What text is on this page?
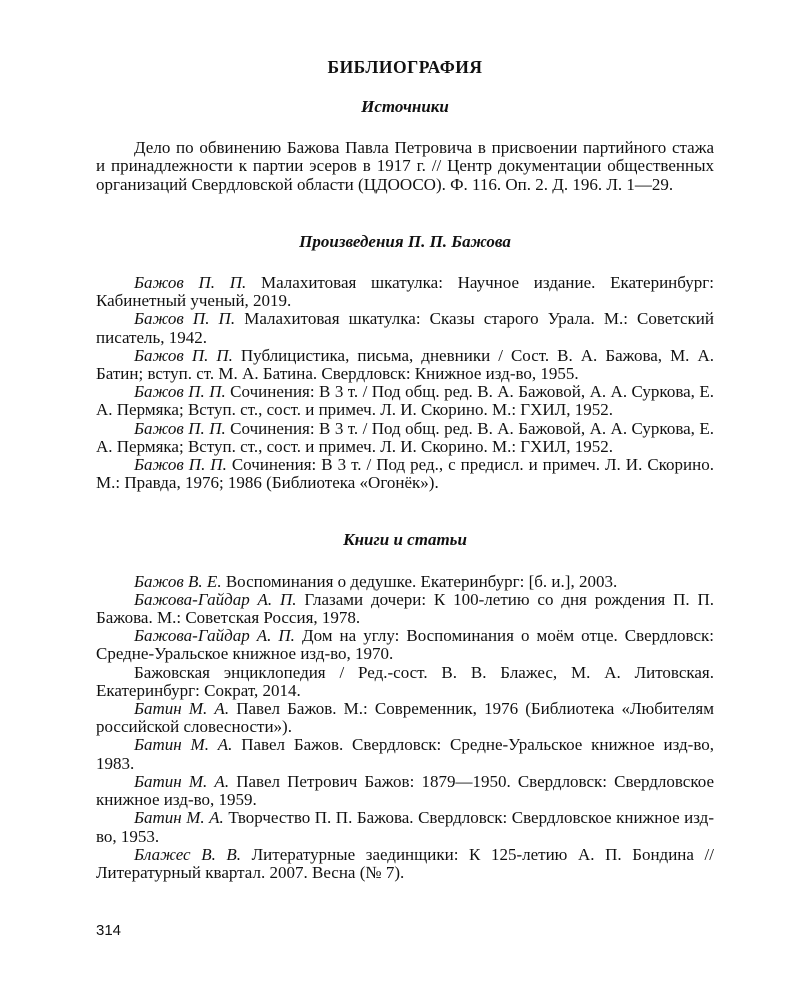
БИБЛИОГРАФИЯ
Источники

Дело по обвинению Бажова Павла Петровича в присвоении партийного стажа и принадлежности к партии эсеров в 1917 г. // Центр документации общественных организаций Свердловской области (ЦДООСО). Ф. 116. Оп. 2. Д. 196. Л. 1—29.

Произведения П. П. Бажова

Бажов П. П. Малахитовая шкатулка: Научное издание. Екатеринбург: Кабинетный ученый, 2019.

Бажов П. П. Малахитовая шкатулка: Сказы старого Урала. М.: Советский писатель, 1942.

Бажов П. П. Публицистика, письма, дневники / Сост. В. А. Бажова, М. А. Батин; вступ. ст. М. А. Батина. Свердловск: Книжное изд-во, 1955.

Бажов П. П. Сочинения: В 3 т. / Под общ. ред. В. А. Бажовой, А. А. Суркова, Е. А. Пермяка; Вступ. ст., сост. и примеч. Л. И. Скорино. М.: ГХИЛ, 1952.

Бажов П. П. Сочинения: В 3 т. / Под общ. ред. В. А. Бажовой, А. А. Суркова, Е. А. Пермяка; Вступ. ст., сост. и примеч. Л. И. Скорино. М.: ГХИЛ, 1952.

Бажов П. П. Сочинения: В 3 т. / Под ред., с предисл. и примеч. Л. И. Скорино. М.: Правда, 1976; 1986 (Библиотека «Огонёк»).

Книги и статьи

Бажов В. Е. Воспоминания о дедушке. Екатеринбург: [б. и.], 2003.

Бажова-Гайдар А. П. Глазами дочери: К 100-летию со дня рождения П. П. Бажова. М.: Советская Россия, 1978.

Бажова-Гайдар А. П. Дом на углу: Воспоминания о моём отце. Свердловск: Средне-Уральское книжное изд-во, 1970.

Бажовская энциклопедия / Ред.-сост. В. В. Блажес, М. А. Литовская. Екатеринбург: Сократ, 2014.

Батин М. А. Павел Бажов. М.: Современник, 1976 (Библиотека «Любителям российской словесности»).

Батин М. А. Павел Бажов. Свердловск: Средне-Уральское книжное изд-во, 1983.

Батин М. А. Павел Петрович Бажов: 1879—1950. Свердловск: Свердловское книжное изд-во, 1959.

Батин М. А. Творчество П. П. Бажова. Свердловск: Свердловское книжное изд-во, 1953.

Блажес В. В. Литературные заединщики: К 125-летию А. П. Бондина // Литературный квартал. 2007. Весна (№ 7).

314
